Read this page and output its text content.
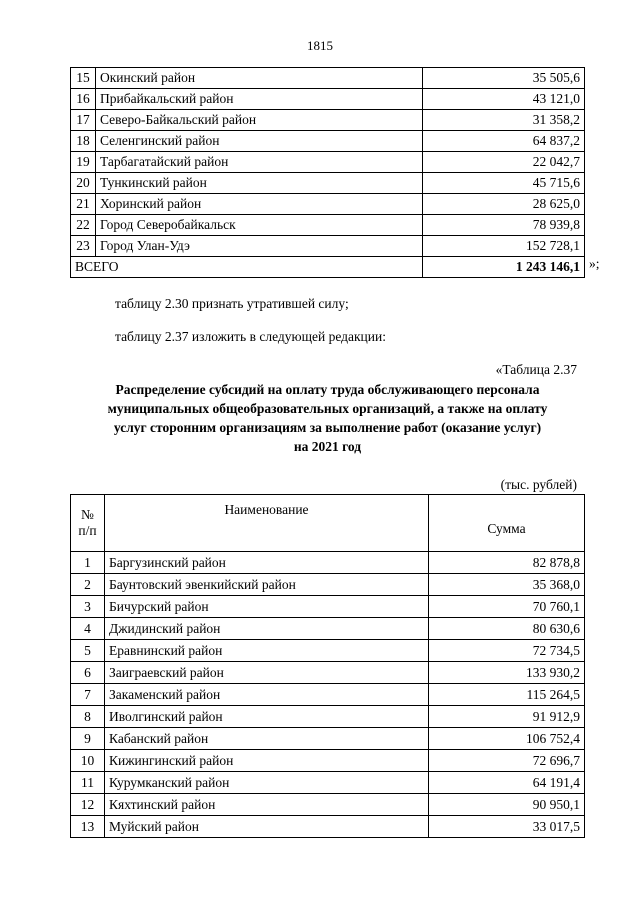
1815
15	Окинский район	35 505,6
16	Прибайкальский район	43 121,0
17	Северо-Байкальский район	31 358,2
18	Селенгинский район	64 837,2
19	Тарбагатайский район	22 042,7
20	Тункинский район	45 715,6
21	Хоринский район	28 625,0
22	Город Северобайкальск	78 939,8
23	Город Улан-Удэ	152 728,1
ВСЕГО		1 243 146,1 »;
таблицу 2.30 признать утратившей силу;
таблицу 2.37 изложить в следующей редакции:
«Таблица 2.37
Распределение субсидий на оплату труда обслуживающего персонала
муниципальных общеобразовательных организаций, а также на оплату
услуг сторонним организациям за выполнение работ (оказание услуг)
на 2021 год
(тыс. рублей)
№
п/п	Наименование	Сумма
1	Баргузинский район	82 878,8
2	Баунтовский эвенкийский район	35 368,0
3	Бичурский район	70 760,1
4	Джидинский район	80 630,6
5	Еравнинский район	72 734,5
6	Заиграевский район	133 930,2
7	Закаменский район	115 264,5
8	Иволгинский район	91 912,9
9	Кабанский район	106 752,4
10	Кижингинский район	72 696,7
11	Курумканский район	64 191,4
12	Кяхтинский район	90 950,1
13	Муйский район	33 017,5
